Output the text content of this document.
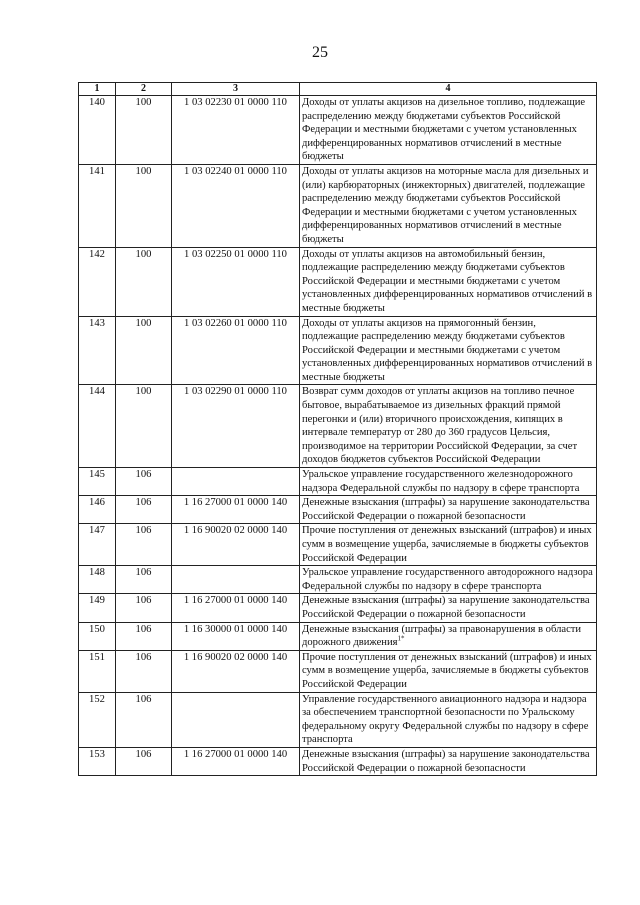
25
1	2	3	4
140	100	1 03 02230 01 0000 110	Доходы от уплаты акцизов на дизельное топливо, подлежащие распределению между бюджетами субъектов Российской Федерации и местными бюджетами с учетом установленных дифференцированных нормативов отчислений в местные бюджеты
141	100	1 03 02240 01 0000 110	Доходы от уплаты акцизов на моторные масла для дизельных и (или) карбюраторных (инжекторных) двигателей, подлежащие распределению между бюджетами субъектов Российской Федерации и местными бюджетами с учетом установленных дифференцированных нормативов отчислений в местные бюджеты
142	100	1 03 02250 01 0000 110	Доходы от уплаты акцизов на автомобильный бензин, подлежащие распределению между бюджетами субъектов Российской Федерации и местными бюджетами с учетом установленных дифференцированных нормативов отчислений в местные бюджеты
143	100	1 03 02260 01 0000 110	Доходы от уплаты акцизов на прямогонный бензин, подлежащие распределению между бюджетами субъектов Российской Федерации и местными бюджетами с учетом установленных дифференцированных нормативов отчислений в местные бюджеты
144	100	1 03 02290 01 0000 110	Возврат сумм доходов от уплаты акцизов на топливо печное бытовое, вырабатываемое из дизельных фракций прямой перегонки и (или) вторичного происхождения, кипящих в интервале температур от 280 до 360 градусов Цельсия, производимое на территории Российской Федерации, за счет доходов бюджетов субъектов Российской Федерации
145	106		Уральское управление государственного железнодорожного надзора Федеральной службы по надзору в сфере транспорта
146	106	1 16 27000 01 0000 140	Денежные взыскания (штрафы) за нарушение законодательства Российской Федерации о пожарной безопасности
147	106	1 16 90020 02 0000 140	Прочие поступления от денежных взысканий (штрафов) и иных сумм в возмещение ущерба, зачисляемые в бюджеты субъектов Российской Федерации
148	106		Уральское управление государственного автодорожного надзора Федеральной службы по надзору в сфере транспорта
149	106	1 16 27000 01 0000 140	Денежные взыскания (штрафы) за нарушение законодательства Российской Федерации о пожарной безопасности
150	106	1 16 30000 01 0000 140	Денежные взыскания (штрафы) за правонарушения в области дорожного движения$^{1*}$
151	106	1 16 90020 02 0000 140	Прочие поступления от денежных взысканий (штрафов) и иных сумм в возмещение ущерба, зачисляемые в бюджеты субъектов Российской Федерации
152	106		Управление государственного авиационного надзора и надзора за обеспечением транспортной безопасности по Уральскому федеральному округу Федеральной службы по надзору в сфере транспорта
153	106	1 16 27000 01 0000 140	Денежные взыскания (штрафы) за нарушение законодательства Российской Федерации о пожарной безопасности
